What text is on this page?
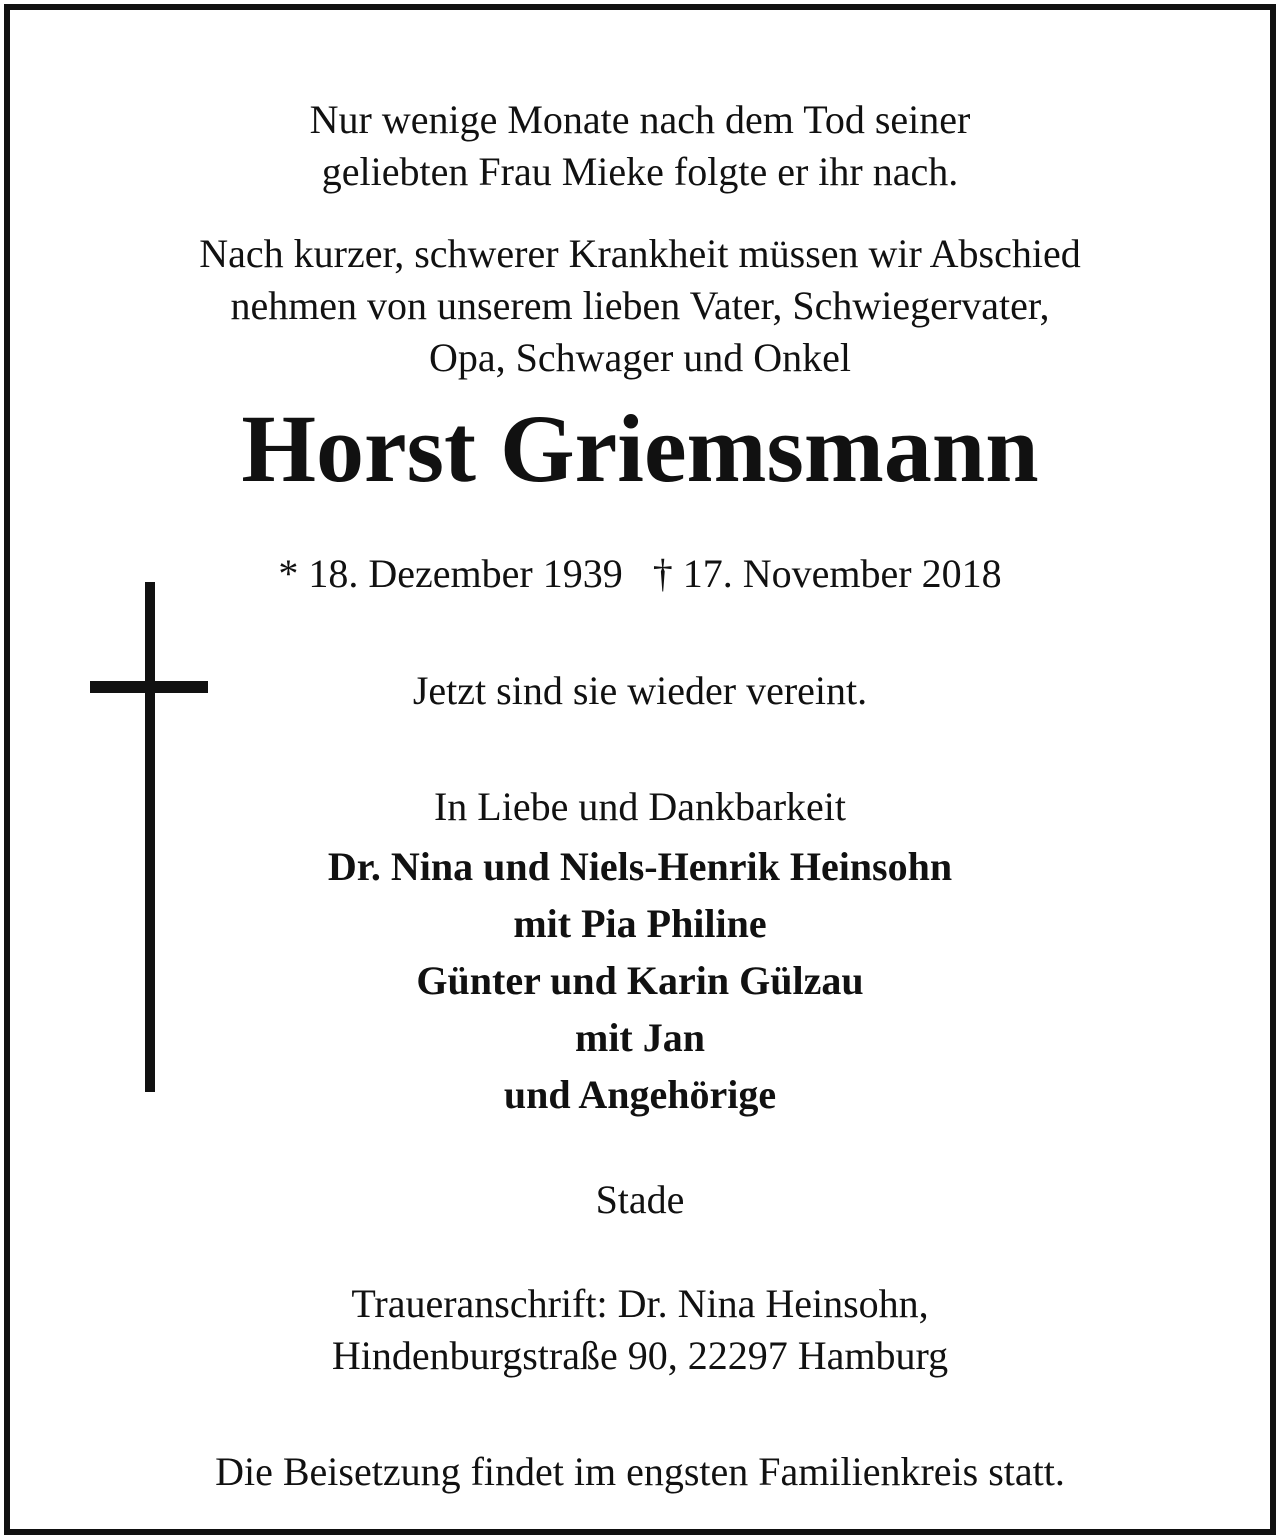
Nur wenige Monate nach dem Tod seiner
geliebten Frau Mieke folgte er ihr nach.
Nach kurzer, schwerer Krankheit müssen wir Abschied
nehmen von unserem lieben Vater, Schwiegervater,
Opa, Schwager und Onkel
Horst Griemsmann
* 18. Dezember 1939   † 17. November 2018
Jetzt sind sie wieder vereint.
In Liebe und Dankbarkeit
Dr. Nina und Niels-Henrik Heinsohn
mit Pia Philine
Günter und Karin Gülzau
mit Jan
und Angehörige
Stade
Traueranschrift: Dr. Nina Heinsohn,
Hindenburgstraße 90, 22297 Hamburg
Die Beisetzung findet im engsten Familienkreis statt.
